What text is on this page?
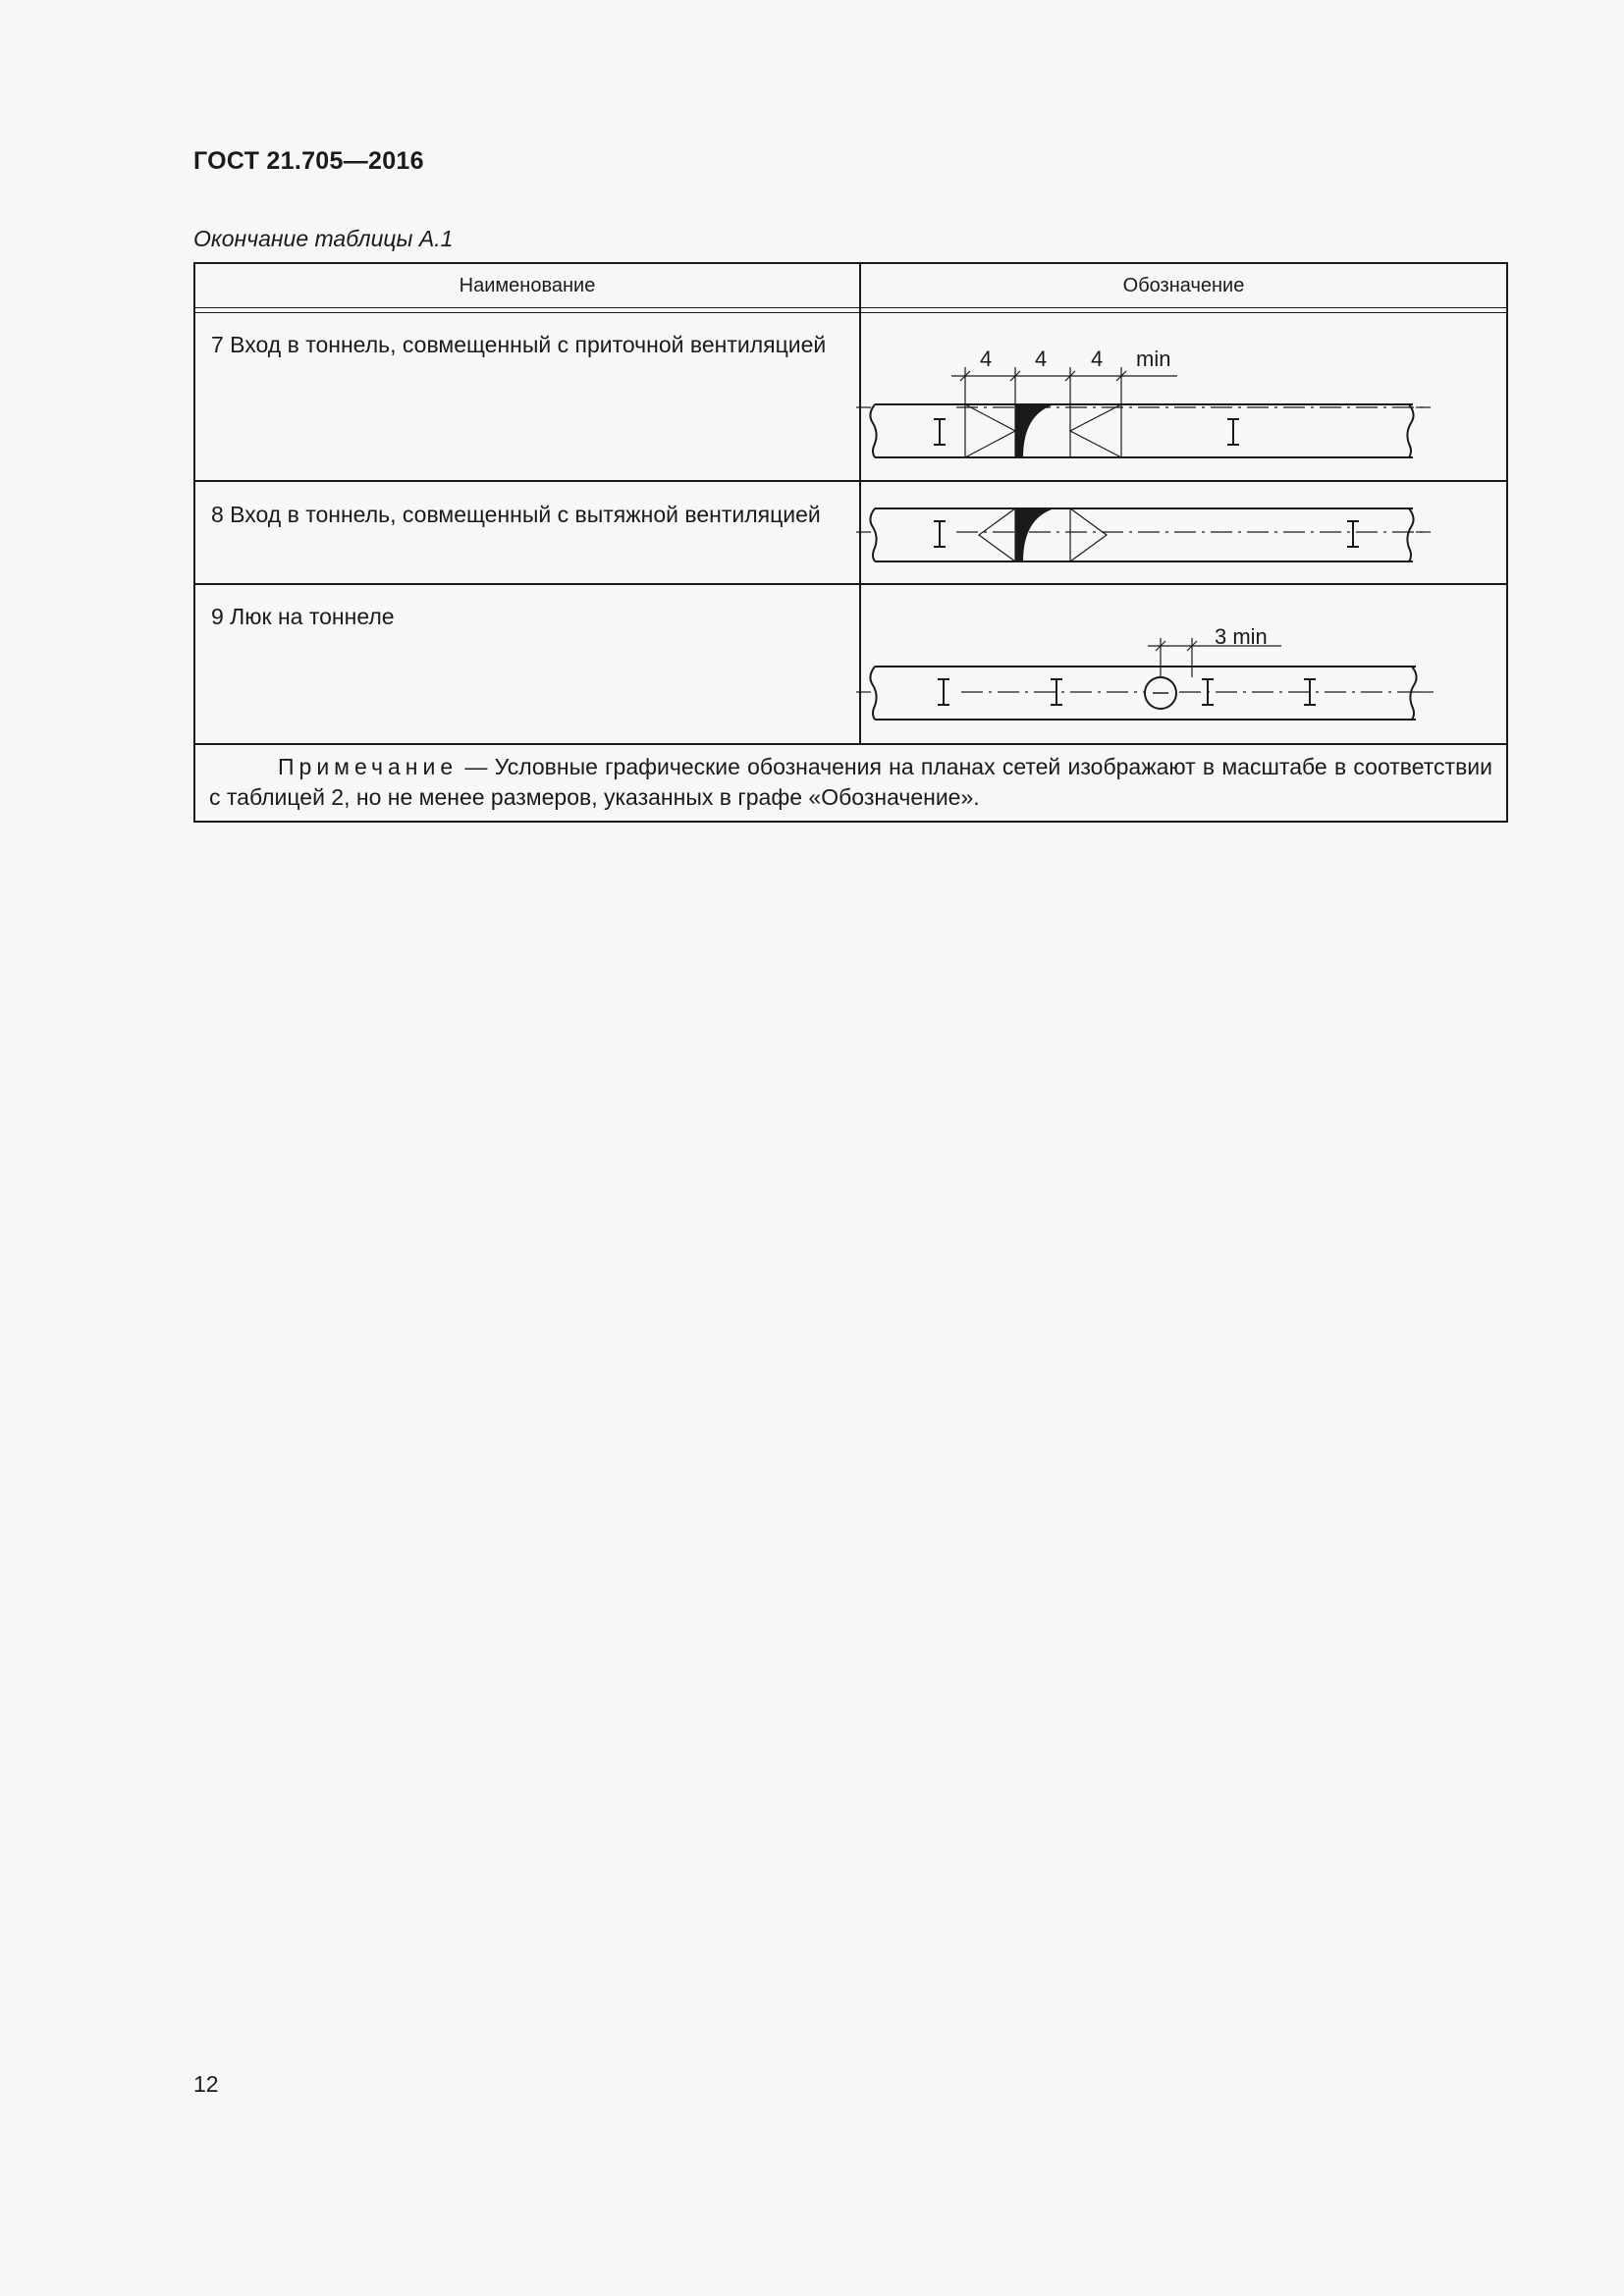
ГОСТ 21.705—2016
Окончание таблицы А.1
Наименование	Обозначение
7 Вход в тоннель, совмещенный с приточной вентиляцией
8 Вход в тоннель, совмещенный с вытяжной вентиляцией
9 Люк на тоннеле
4 4 4 min
3 min
Примечание — Условные графические обозначения на планах сетей изображают в масштабе в соответствии с таблицей 2, но не менее размеров, указанных в графе «Обозначение».
12
